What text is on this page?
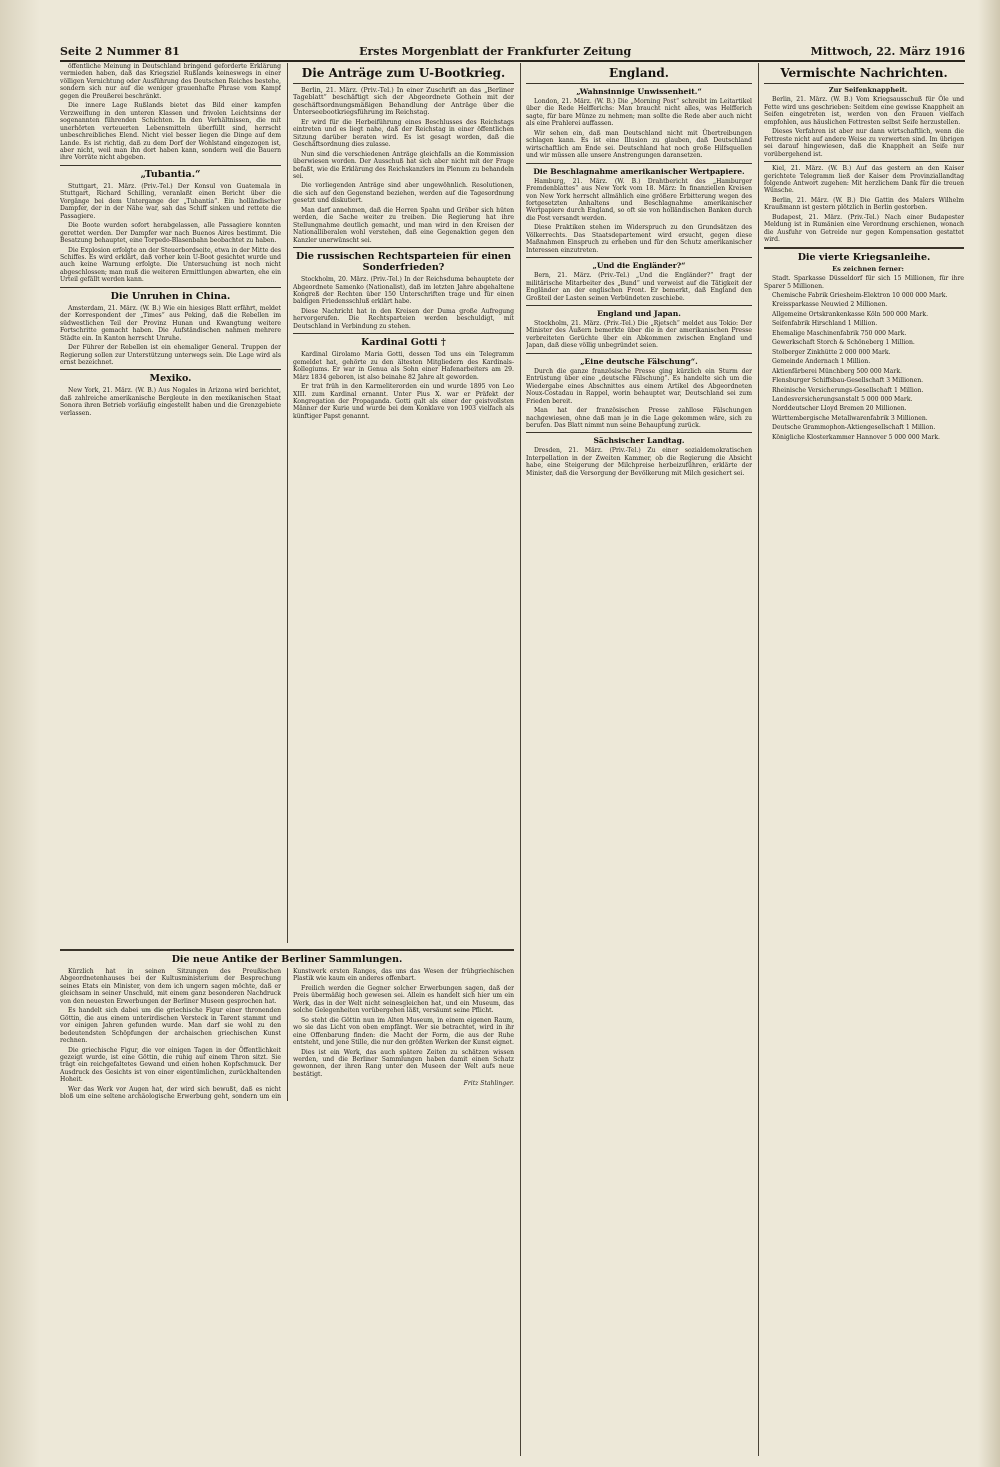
Seite 2 Nummer 81	Erstes Morgenblatt der Frankfurter Zeitung	Mittwoch, 22. März 1916

öffentliche Meinung in Deutschland bringend geforderte Erklärung vermieden haben, daß das Kriegsziel Rußlands keineswegs in einer völligen Vernichtung oder Ausführung des Deutschen Reiches bestehe, sondern sich nur auf die weniger grauenhafte Phrase vom Kampf gegen die Preußerei beschränkt.

Die innere Lage Rußlands bietet das Bild einer kampfen Verzweiflung in den unteren Klassen und frivolen Leichtsinns der sogenannten führenden Schichten. In den Verhältnissen, die mit unerhörten verteuerten Lebensmitteln überfüllt sind, herrscht unbeschreibliches Elend. Nicht viel besser liegen die Dinge auf dem Lande. Es ist richtig, daß zu dem Dorf der Wohlstand eingezogen ist, aber nicht, weil man ihn dort haben kann, sondern weil die Bauern ihre Vorräte nicht abgeben.

„Tubantia.“

Stuttgart, 21. März. (Priv.-Tel.) Der Konsul von Guatemala in Stuttgart, Richard Schilling, veranlaßt einen Bericht über die Vorgänge bei dem Untergange der „Tubantia“. Ein holländischer Dampfer, der in der Nähe war, sah das Schiff sinken und rettete die Passagiere.

Die Boote wurden sofort herabgelassen, alle Passagiere konnten gerettet werden. Der Dampfer war nach Buenos Aires bestimmt. Die Besatzung behauptet, eine Torpedo-Blasenbahn beobachtet zu haben.

Die Explosion erfolgte an der Steuerbordseite, etwa in der Mitte des Schiffes. Es wird erklärt, daß vorher kein U-Boot gesichtet wurde und auch keine Warnung erfolgte. Die Untersuchung ist noch nicht abgeschlossen; man muß die weiteren Ermittlungen abwarten, ehe ein Urteil gefällt werden kann.

Die Unruhen in China.

Amsterdam, 21. März. (W. B.) Wie ein hiesiges Blatt erfährt, meldet der Korrespondent der „Times“ aus Peking, daß die Rebellen im südwestlichen Teil der Provinz Hunan und Kwangtung weitere Fortschritte gemacht haben. Die Aufständischen nahmen mehrere Städte ein. In Kanton herrscht Unruhe.

Der Führer der Rebellen ist ein ehemaliger General. Truppen der Regierung sollen zur Unterstützung unterwegs sein. Die Lage wird als ernst bezeichnet.

Mexiko.

New York, 21. März. (W. B.) Aus Nogales in Arizona wird berichtet, daß zahlreiche amerikanische Bergleute in den mexikanischen Staat Sonora ihren Betrieb vorläufig eingestellt haben und die Grenzgebiete verlassen.

Die Anträge zum U-Bootkrieg.

Berlin, 21. März. (Priv.-Tel.) In einer Zuschrift an das „Berliner Tageblatt“ beschäftigt sich der Abgeordnete Gothein mit der geschäftsordnungsmäßigen Behandlung der Anträge über die Unterseebootkriegsführung im Reichstag.

Er wird für die Herbeiführung eines Beschlusses des Reichstags eintreten und es liegt nahe, daß der Reichstag in einer öffentlichen Sitzung darüber beraten wird. Es ist gesagt worden, daß die Geschäftsordnung dies zulasse.

Nun sind die verschiedenen Anträge gleichfalls an die Kommission überwiesen worden. Der Ausschuß hat sich aber nicht mit der Frage befaßt, wie die Erklärung des Reichskanzlers im Plenum zu behandeln sei.

Die vorliegenden Anträge sind aber ungewöhnlich. Resolutionen, die sich auf den Gegenstand beziehen, werden auf die Tagesordnung gesetzt und diskutiert.

Man darf annehmen, daß die Herren Spahn und Gröber sich hüten werden, die Sache weiter zu treiben. Die Regierung hat ihre Stellungnahme deutlich gemacht, und man wird in den Kreisen der Nationalliberalen wohl verstehen, daß eine Gegenaktion gegen den Kanzler unerwünscht sei.

Die russischen Rechtsparteien für einen Sonderfrieden?

Stockholm, 20. März. (Priv.-Tel.) In der Reichsduma behauptete der Abgeordnete Samenko (Nationalist), daß im letzten Jahre abgehaltene Kongreß der Rechten über 150 Unterschriften trage und für einen baldigen Friedensschluß erklärt habe.

Diese Nachricht hat in den Kreisen der Duma große Aufregung hervorgerufen. Die Rechtsparteien werden beschuldigt, mit Deutschland in Verbindung zu stehen.

Kardinal Gotti †

Kardinal Girolamo Maria Gotti, dessen Tod uns ein Telegramm gemeldet hat, gehörte zu den ältesten Mitgliedern des Kardinals-Kollegiums. Er war in Genua als Sohn einer Hafenarbeiters am 29. März 1834 geboren, ist also beinahe 82 Jahre alt geworden.

Er trat früh in den Karmeliterorden ein und wurde 1895 von Leo XIII. zum Kardinal ernannt. Unter Pius X. war er Präfekt der Kongregation der Propaganda. Gotti galt als einer der geistvollsten Männer der Kurie und wurde bei dem Konklave von 1903 vielfach als künftiger Papst genannt.

Die neue Antike der Berliner Sammlungen.

Kürzlich hat in seinen Sitzungen des Preußischen Abgeordnetenhauses bei der Kultusministerium der Besprechung seines Etats ein Minister, von dem ich ungern sagen möchte, daß er gleichsam in seiner Unschuld, mit einem ganz besonderen Nachdruck von den neuesten Erwerbungen der Berliner Museen gesprochen hat.

Es handelt sich dabei um die griechische Figur einer thronenden Göttin, die aus einem unterirdischen Versteck in Tarent stammt und vor einigen Jahren gefunden wurde. Man darf sie wohl zu den bedeutendsten Schöpfungen der archaischen griechischen Kunst rechnen.

Die griechische Figur, die vor einigen Tagen in der Öffentlichkeit gezeigt wurde, ist eine Göttin, die ruhig auf einem Thron sitzt. Sie trägt ein reichgefaltetes Gewand und einen hohen Kopfschmuck. Der Ausdruck des Gesichts ist von einer eigentümlichen, zurückhaltenden Hoheit.

Wer das Werk vor Augen hat, der wird sich bewußt, daß es nicht bloß um eine seltene archäologische Erwerbung geht, sondern um ein Kunstwerk ersten Ranges, das uns das Wesen der frühgriechischen Plastik wie kaum ein anderes offenbart.

Freilich werden die Gegner solcher Erwerbungen sagen, daß der Preis übermäßig hoch gewesen sei. Allein es handelt sich hier um ein Werk, das in der Welt nicht seinesgleichen hat, und ein Museum, das solche Gelegenheiten vorübergehen läßt, versäumt seine Pflicht.

So steht die Göttin nun im Alten Museum, in einem eigenen Raum, wo sie das Licht von oben empfängt. Wer sie betrachtet, wird in ihr eine Offenbarung finden: die Macht der Form, die aus der Ruhe entsteht, und jene Stille, die nur den größten Werken der Kunst eignet.

Dies ist ein Werk, das auch spätere Zeiten zu schätzen wissen werden, und die Berliner Sammlungen haben damit einen Schatz gewonnen, der ihren Rang unter den Museen der Welt aufs neue bestätigt.

Fritz Stahlinger.

England.
„Wahnsinnige Unwissenheit.“

London, 21. März. (W. B.) Die „Morning Post“ schreibt im Leitartikel über die Rede Helfferichs: Man braucht nicht alles, was Helfferich sagte, für bare Münze zu nehmen; man sollte die Rede aber auch nicht als eine Prahlerei auffassen.

Wir sehen ein, daß man Deutschland nicht mit Übertreibungen schlagen kann. Es ist eine Illusion zu glauben, daß Deutschland wirtschaftlich am Ende sei. Deutschland hat noch große Hilfsquellen und wir müssen alle unsere Anstrengungen daransetzen.

Die Beschlagnahme amerikanischer Wertpapiere.

Hamburg, 21. März. (W. B.) Drahtbericht des „Hamburger Fremdenblattes“ aus New York vom 18. März: In finanziellen Kreisen von New York herrscht allmählich eine größere Erbitterung wegen des fortgesetzten Anhaltens und Beschlagnahme amerikanischer Wertpapiere durch England, so oft sie von holländischen Banken durch die Post versandt werden.

Diese Praktiken stehen im Widerspruch zu den Grundsätzen des Völkerrechts. Das Staatsdepartement wird ersucht, gegen diese Maßnahmen Einspruch zu erheben und für den Schutz amerikanischer Interessen einzutreten.

„Und die Engländer?“

Bern, 21. März. (Priv.-Tel.) „Und die Engländer?“ fragt der militärische Mitarbeiter des „Bund“ und verweist auf die Tätigkeit der Engländer an der englischen Front. Er bemerkt, daß England den Großteil der Lasten seinen Verbündeten zuschiebe.

England und Japan.

Stockholm, 21. März. (Priv.-Tel.) Die „Rjetsch“ meldet aus Tokio: Der Minister des Äußern bemerkte über die in der amerikanischen Presse verbreiteten Gerüchte über ein Abkommen zwischen England und Japan, daß diese völlig unbegründet seien.

„Eine deutsche Fälschung“.

Durch die ganze französische Presse ging kürzlich ein Sturm der Entrüstung über eine „deutsche Fälschung“. Es handelte sich um die Wiedergabe eines Abschnittes aus einem Artikel des Abgeordneten Noux-Costadau in Rappel, worin behauptet war, Deutschland sei zum Frieden bereit.

Man hat der französischen Presse zahllose Fälschungen nachgewiesen, ohne daß man je in die Lage gekommen wäre, sich zu berufen. Das Blatt nimmt nun seine Behauptung zurück.

Sächsischer Landtag.

Dresden, 21. März. (Priv.-Tel.) Zu einer sozialdemokratischen Interpellation in der Zweiten Kammer, ob die Regierung die Absicht habe, eine Steigerung der Milchpreise herbeizuführen, erklärte der Minister, daß die Versorgung der Bevölkerung mit Milch gesichert sei.

Vermischte Nachrichten.

Zur Seifenknappheit.

Berlin, 21. März. (W. B.) Vom Kriegsausschuß für Öle und Fette wird uns geschrieben: Seitdem eine gewisse Knappheit an Seifen eingetreten ist, werden von den Frauen vielfach empfohlen, aus häuslichen Fettresten selbst Seife herzustellen.

Dieses Verfahren ist aber nur dann wirtschaftlich, wenn die Fettreste nicht auf andere Weise zu verwerten sind. Im übrigen sei darauf hingewiesen, daß die Knappheit an Seife nur vorübergehend ist.

Kiel, 21. März. (W. B.) Auf das gestern an den Kaiser gerichtete Telegramm ließ der Kaiser dem Provinziallandtag folgende Antwort zugehen: Mit herzlichem Dank für die treuen Wünsche.

Berlin, 21. März. (W. B.) Die Gattin des Malers Wilhelm Kraußmann ist gestern plötzlich in Berlin gestorben.

Budapest, 21. März. (Priv.-Tel.) Nach einer Budapester Meldung ist in Rumänien eine Verordnung erschienen, wonach die Ausfuhr von Getreide nur gegen Kompensation gestattet wird.

Die vierte Kriegsanleihe.

Es zeichnen ferner:

Stadt. Sparkasse Düsseldorf für sich 15 Millionen, für ihre Sparer 5 Millionen.

Chemische Fabrik Griesheim-Elektron 10 000 000 Mark.

Kreissparkasse Neuwied 2 Millionen.

Allgemeine Ortskrankenkasse Köln 500 000 Mark.

Seifenfabrik Hirschland 1 Million.

Ehemalige Maschinenfabrik 750 000 Mark.

Gewerkschaft Storch & Schöneberg 1 Million.

Stolberger Zinkhütte 2 000 000 Mark.

Gemeinde Andernach 1 Million.

Aktienfärberei Münchberg 500 000 Mark.

Flensburger Schiffsbau-Gesellschaft 3 Millionen.

Rheinische Versicherungs-Gesellschaft 1 Million.

Landesversicherungsanstalt 5 000 000 Mark.

Norddeutscher Lloyd Bremen 20 Millionen.

Württembergische Metallwarenfabrik 3 Millionen.

Deutsche Grammophon-Aktiengesellschaft 1 Million.

Königliche Klosterkammer Hannover 5 000 000 Mark.
